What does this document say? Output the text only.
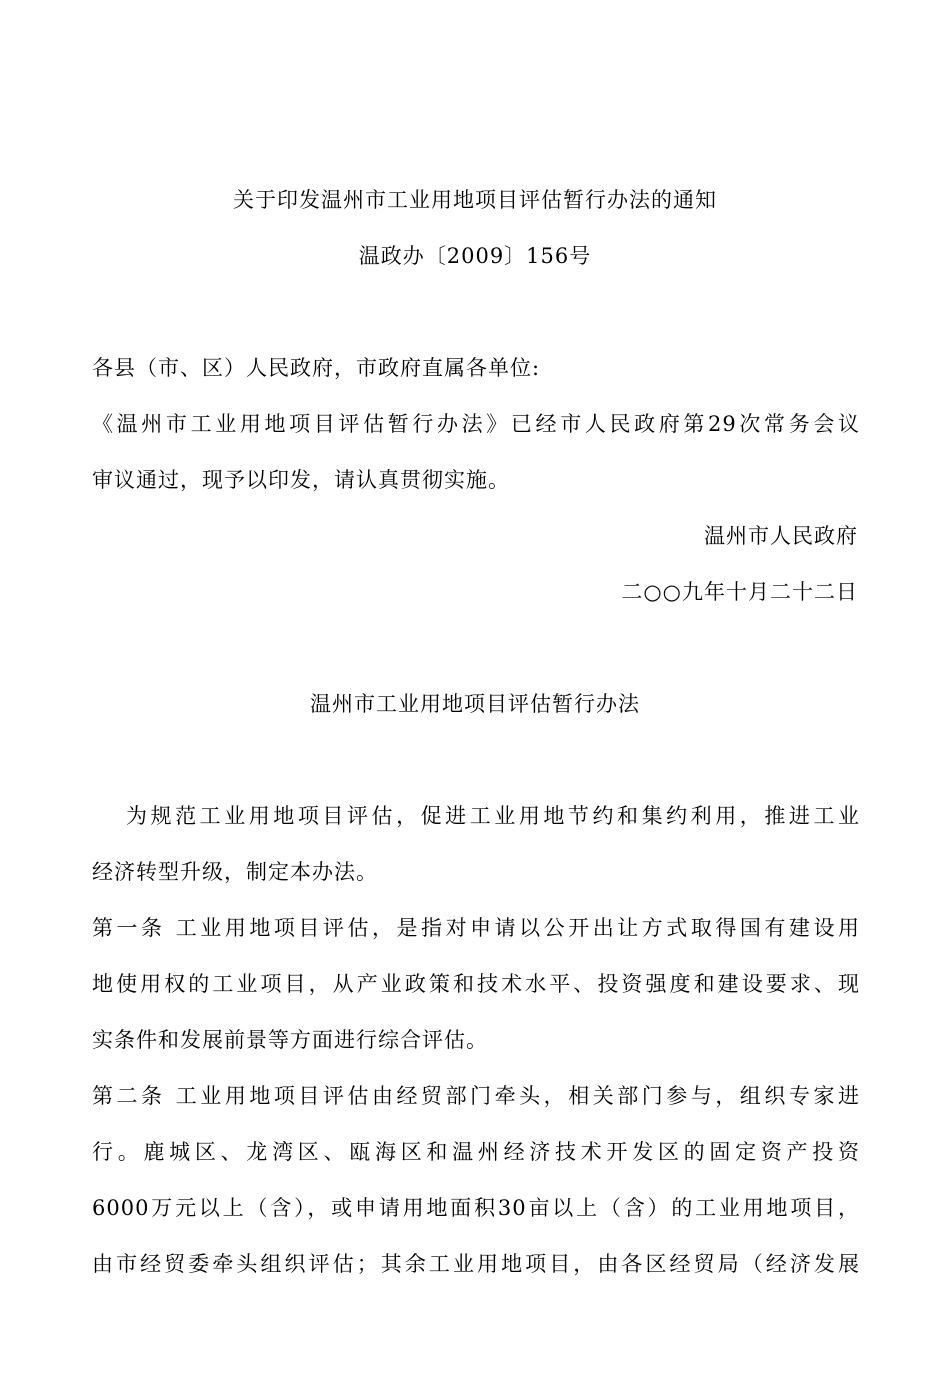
关于印发温州市工业用地项目评估暂行办法的通知
温政办〔2009〕156号
各县（市、区）人民政府，市政府直属各单位:
《温州市工业用地项目评估暂行办法》已经市人民政府第29次常务会议
审议通过，现予以印发，请认真贯彻实施。
温州市人民政府
二○○九年十月二十二日
温州市工业用地项目评估暂行办法
为规范工业用地项目评估，促进工业用地节约和集约利用，推进工业
经济转型升级，制定本办法。
第一条 工业用地项目评估，是指对申请以公开出让方式取得国有建设用
地使用权的工业项目，从产业政策和技术水平、投资强度和建设要求、现
实条件和发展前景等方面进行综合评估。
第二条 工业用地项目评估由经贸部门牵头，相关部门参与，组织专家进
行。鹿城区、龙湾区、瓯海区和温州经济技术开发区的固定资产投资
6000万元以上（含），或申请用地面积30亩以上（含）的工业用地项目，
由市经贸委牵头组织评估；其余工业用地项目，由各区经贸局（经济发展
